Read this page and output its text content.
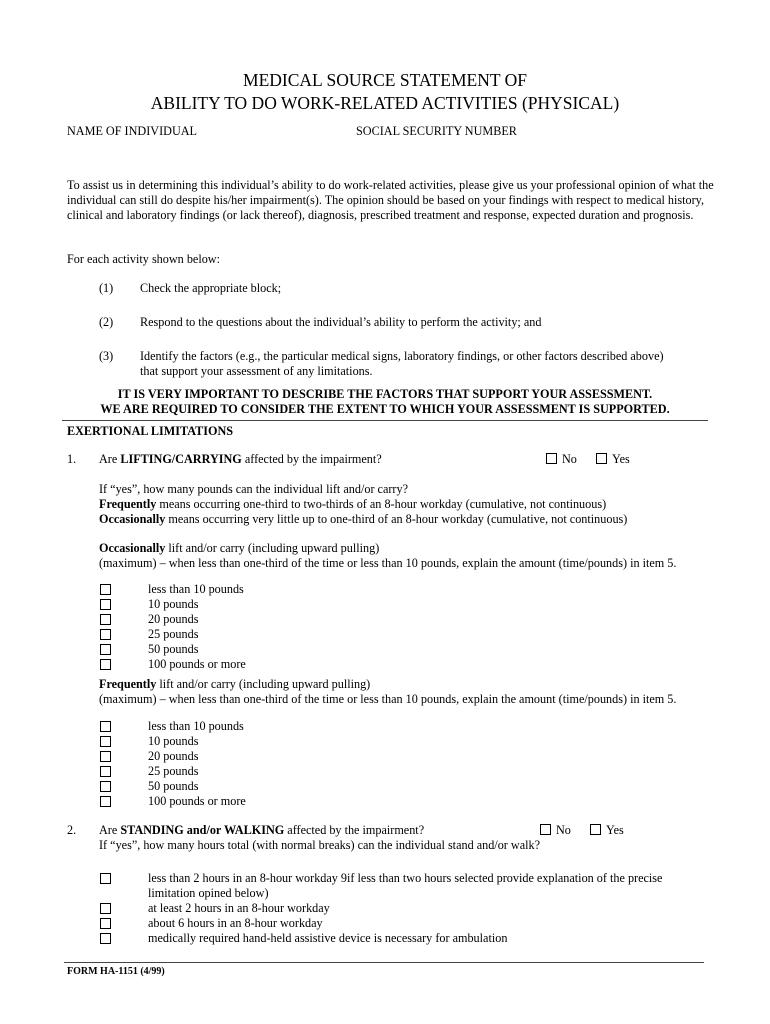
MEDICAL SOURCE STATEMENT OF
ABILITY TO DO WORK-RELATED ACTIVITIES (PHYSICAL)
NAME OF INDIVIDUAL	SOCIAL SECURITY NUMBER
To assist us in determining this individual’s ability to do work-related activities, please give us your professional opinion of what the individual can still do despite his/her impairment(s). The opinion should be based on your findings with respect to medical history, clinical and laboratory findings (or lack thereof), diagnosis, prescribed treatment and response, expected duration and prognosis.
For each activity shown below:
(1) Check the appropriate block;
(2) Respond to the questions about the individual’s ability to perform the activity; and
(3) Identify the factors (e.g., the particular medical signs, laboratory findings, or other factors described above)
that support your assessment of any limitations.
IT IS VERY IMPORTANT TO DESCRIBE THE FACTORS THAT SUPPORT YOUR ASSESSMENT.
WE ARE REQUIRED TO CONSIDER THE EXTENT TO WHICH YOUR ASSESSMENT IS SUPPORTED.
EXERTIONAL LIMITATIONS
1. Are LIFTING/CARRYING affected by the impairment?	No	Yes
If “yes”, how many pounds can the individual lift and/or carry?
Frequently means occurring one-third to two-thirds of an 8-hour workday (cumulative, not continuous)
Occasionally means occurring very little up to one-third of an 8-hour workday (cumulative, not continuous)
Occasionally lift and/or carry (including upward pulling)
(maximum) – when less than one-third of the time or less than 10 pounds, explain the amount (time/pounds) in item 5.
less than 10 pounds
10 pounds
20 pounds
25 pounds
50 pounds
100 pounds or more
Frequently lift and/or carry (including upward pulling)
(maximum) – when less than one-third of the time or less than 10 pounds, explain the amount (time/pounds) in item 5.
less than 10 pounds
10 pounds
20 pounds
25 pounds
50 pounds
100 pounds or more
2. Are STANDING and/or WALKING affected by the impairment?	No	Yes
If “yes”, how many hours total (with normal breaks) can the individual stand and/or walk?
less than 2 hours in an 8-hour workday 9if less than two hours selected provide explanation of the precise
limitation opined below)
at least 2 hours in an 8-hour workday
about 6 hours in an 8-hour workday
medically required hand-held assistive device is necessary for ambulation
FORM HA-1151 (4/99)
